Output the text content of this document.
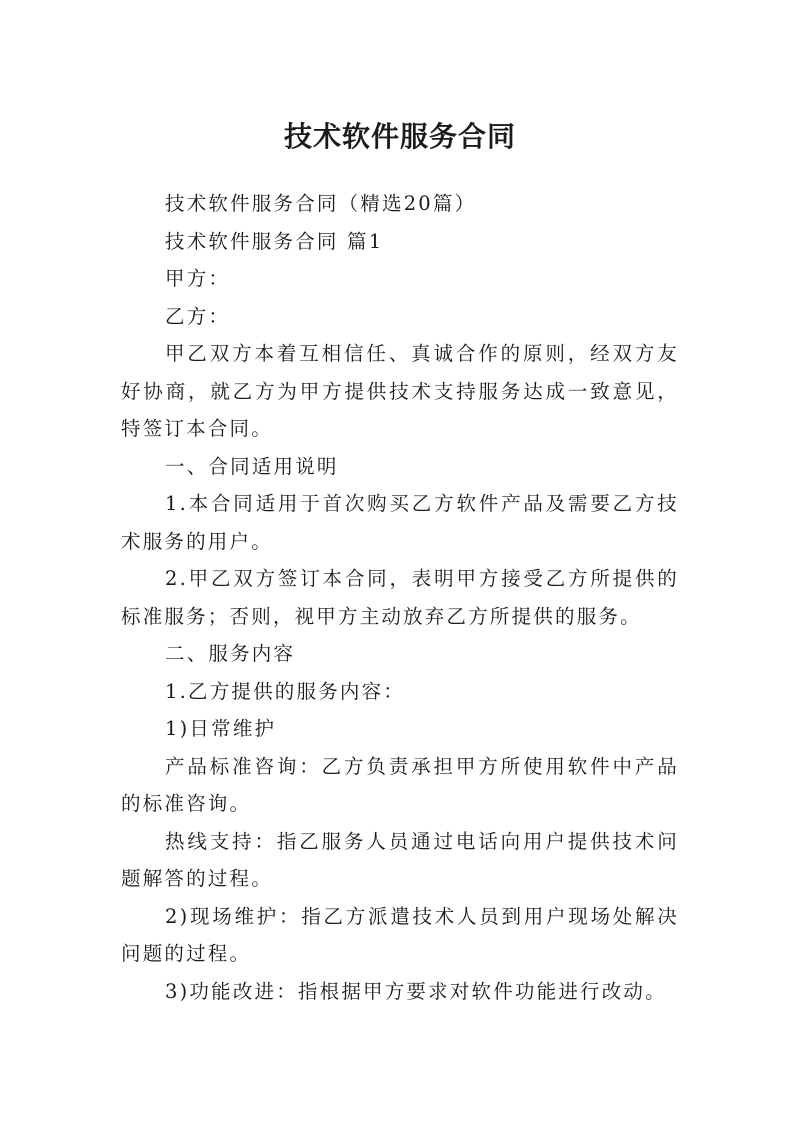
技术软件服务合同

技术软件服务合同（精选20篇）

技术软件服务合同 篇1

甲方：

乙方：

甲乙双方本着互相信任、真诚合作的原则，经双方友好协商，就乙方为甲方提供技术支持服务达成一致意见，特签订本合同。

一、合同适用说明

1.本合同适用于首次购买乙方软件产品及需要乙方技术服务的用户。

2.甲乙双方签订本合同，表明甲方接受乙方所提供的标准服务；否则，视甲方主动放弃乙方所提供的服务。

二、服务内容

1.乙方提供的服务内容：

1)日常维护

产品标准咨询：乙方负责承担甲方所使用软件中产品的标准咨询。

热线支持：指乙服务人员通过电话向用户提供技术问题解答的过程。

2)现场维护：指乙方派遣技术人员到用户现场处解决问题的过程。

3)功能改进：指根据甲方要求对软件功能进行改动。
